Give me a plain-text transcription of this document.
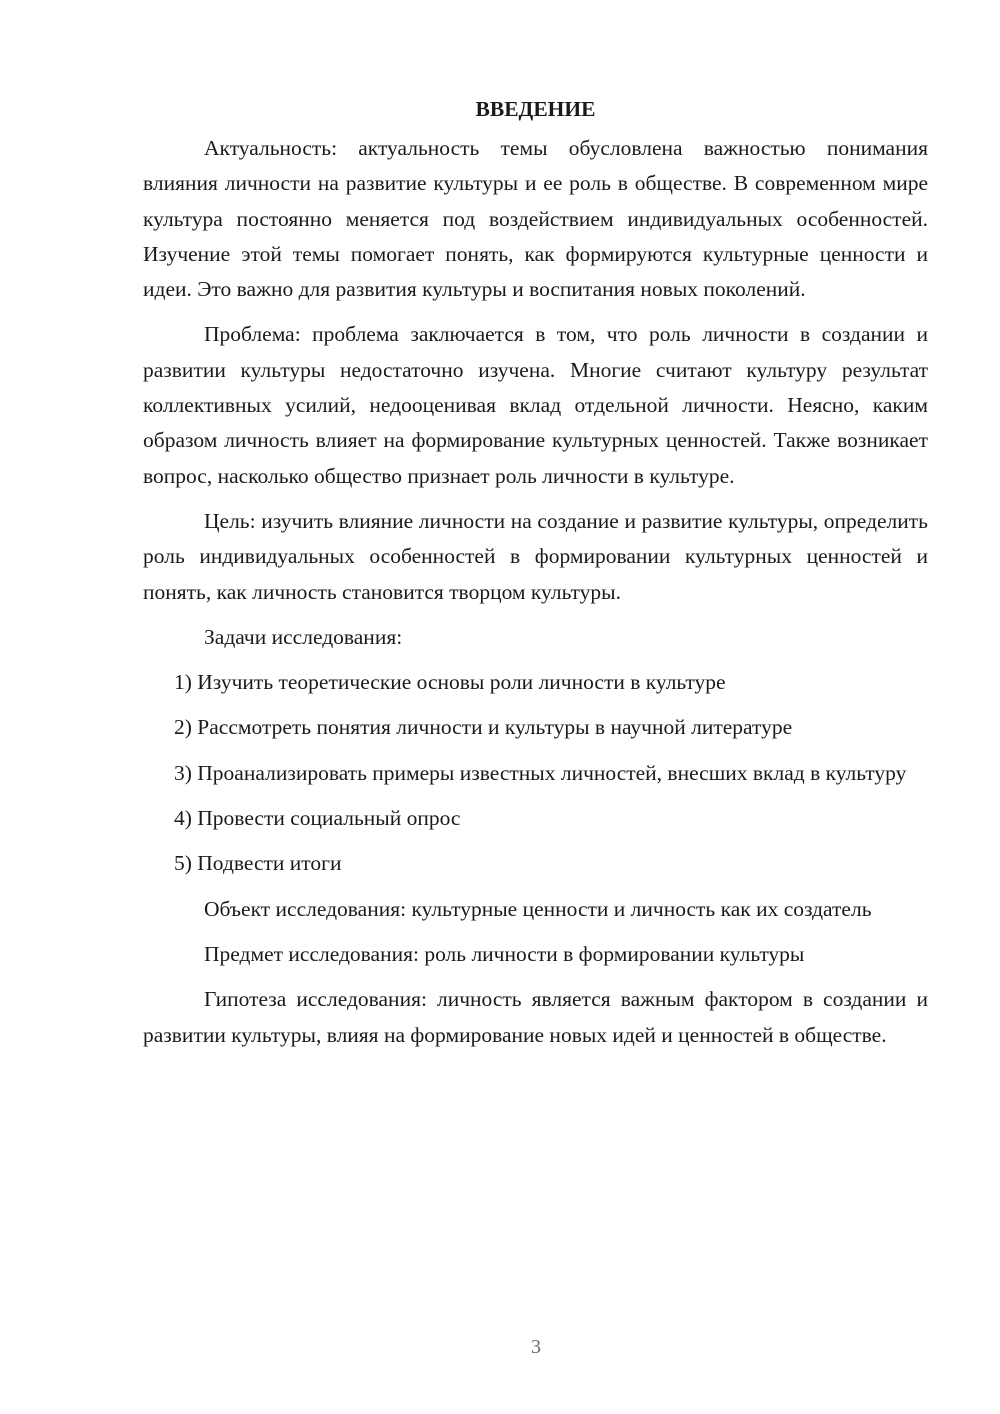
ВВЕДЕНИЕ

Актуальность: актуальность темы обусловлена важностью понимания влияния личности на развитие культуры и ее роль в обществе. В современном мире культура постоянно меняется под воздействием индивидуальных особенностей. Изучение этой темы помогает понять, как формируются культурные ценности и идеи. Это важно для развития культуры и воспитания новых поколений.

Проблема: проблема заключается в том, что роль личности в создании и развитии культуры недостаточно изучена. Многие считают культуру результат коллективных усилий, недооценивая вклад отдельной личности. Неясно, каким образом личность влияет на формирование культурных ценностей. Также возникает вопрос, насколько общество признает роль личности в культуре.

Цель: изучить влияние личности на создание и развитие культуры, определить роль индивидуальных особенностей в формировании культурных ценностей и понять, как личность становится творцом культуры.

Задачи исследования:

1) Изучить теоретические основы роли личности в культуре

2) Рассмотреть понятия личности и культуры в научной литературе

3) Проанализировать примеры известных личностей, внесших вклад в культуру

4) Провести социальный опрос

5) Подвести итоги

Объект исследования: культурные ценности и личность как их создатель

Предмет исследования: роль личности в формировании культуры

Гипотеза исследования: личность является важным фактором в создании и развитии культуры, влияя на формирование новых идей и ценностей в обществе.

3
